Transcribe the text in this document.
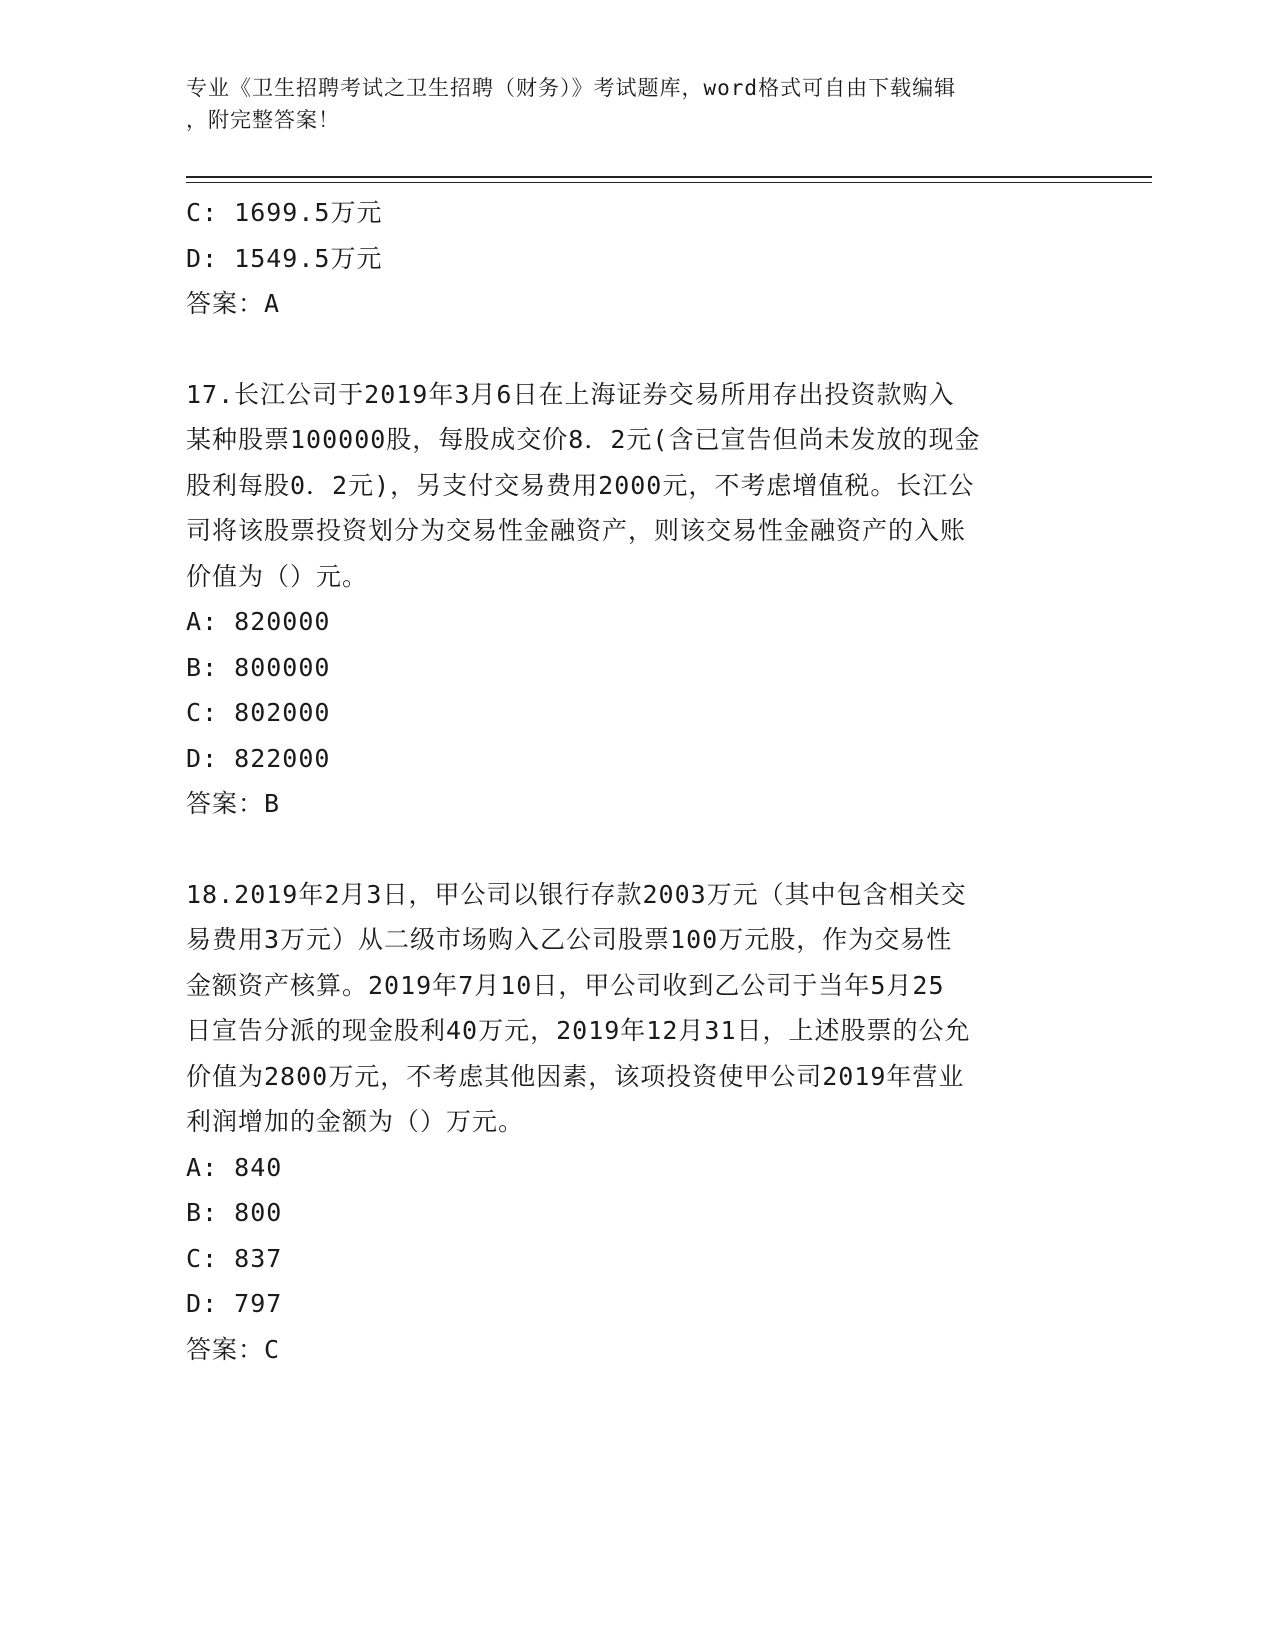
专业《卫生招聘考试之卫生招聘（财务）》考试题库，word格式可自由下载编辑
，附完整答案！
C: 1699.5万元
D: 1549.5万元
答案：A
17.长江公司于2019年3月6日在上海证券交易所用存出投资款购入
某种股票100000股，每股成交价8．2元(含已宣告但尚未发放的现金
股利每股0．2元)，另支付交易费用2000元，不考虑增值税。长江公
司将该股票投资划分为交易性金融资产，则该交易性金融资产的入账
价值为（）元。
A: 820000
B: 800000
C: 802000
D: 822000
答案：B
18.2019年2月3日，甲公司以银行存款2003万元（其中包含相关交
易费用3万元）从二级市场购入乙公司股票100万元股，作为交易性
金额资产核算。2019年7月10日，甲公司收到乙公司于当年5月25
日宣告分派的现金股利40万元，2019年12月31日，上述股票的公允
价值为2800万元，不考虑其他因素，该项投资使甲公司2019年营业
利润增加的金额为（）万元。
A: 840
B: 800
C: 837
D: 797
答案：C
